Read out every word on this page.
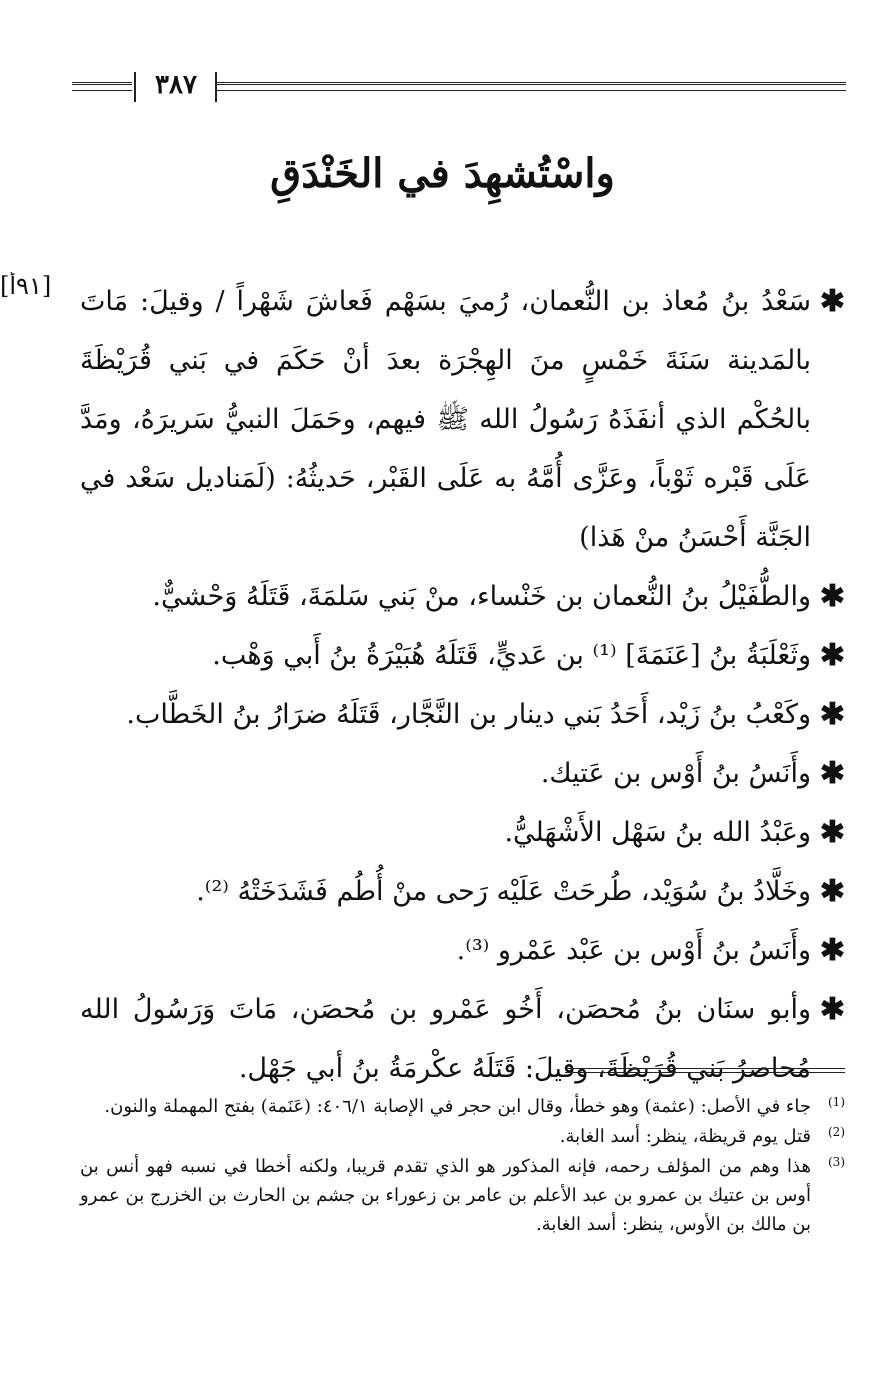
٣٨٧
واسْتُشهِدَ في الخَنْدَقِ
[٩١أ]	✱
سَعْدُ بنُ مُعاذ بن النُّعمان، رُميَ بسَهْم فَعاشَ شَهْراً / وقيلَ: مَاتَ بالمَدينة سَنَةَ خَمْسٍ منَ الهِجْرَة بعدَ أنْ حَكَمَ في بَني قُرَيْظَةَ بالحُكْم الذي أنفَذَهُ رَسُولُ الله ﷺ فيهم، وحَمَلَ النبيُّ سَريرَهُ، ومَدَّ عَلَى قَبْره ثَوْباً، وعَزَّى أُمَّهُ به عَلَى القَبْر، حَديثُهُ: (لَمَناديل سَعْد في الجَنَّة أَحْسَنُ منْ هَذا)

✱
والطُّفَيْلُ بنُ النُّعمان بن خَنْساء، منْ بَني سَلمَةَ، قَتَلَهُ وَحْشيٌّ.

✱
وثَعْلَبَةُ بنُ [عَنَمَةَ] ⁽¹⁾ بن عَديٍّ، قَتَلَهُ هُبَيْرَةُ بنُ أَبي وَهْب.

✱
وكَعْبُ بنُ زَيْد، أَحَدُ بَني دينار بن النَّجَّار، قَتَلَهُ ضرَارُ بنُ الخَطَّاب.

✱
وأَنَسُ بنُ أَوْس بن عَتيك.

✱
وعَبْدُ الله بنُ سَهْل الأَشْهَليُّ.

✱
وخَلَّادُ بنُ سُوَيْد، طُرحَتْ عَلَيْه رَحى منْ أُطُم فَشَدَخَتْهُ ⁽²⁾.

✱
وأَنَسُ بنُ أَوْس بن عَبْد عَمْرو ⁽³⁾.

✱
وأبو سنَان بنُ مُحصَن، أَخُو عَمْرو بن مُحصَن، مَاتَ وَرَسُولُ الله مُحاصرُ بَني قُرَيْظَةَ، وقيلَ: قَتَلَهُ عكْرمَةُ بنُ أبي جَهْل.

(1)
جاء في الأصل: (عثمة) وهو خطأ، وقال ابن حجر في الإصابة ٤٠٦/١: (عَنَمة) بفتح المهملة والنون.

(2)
قتل يوم قريظة، ينظر: أسد الغابة.

(3)
هذا وهم من المؤلف رحمه، فإنه المذكور هو الذي تقدم قريبا، ولكنه أخطا في نسبه فهو أنس بن أوس بن عتيك بن عمرو بن عبد الأعلم بن عامر بن زعوراء بن جشم بن الحارث بن الخزرج بن عمرو بن مالك بن الأوس، ينظر: أسد الغابة.
